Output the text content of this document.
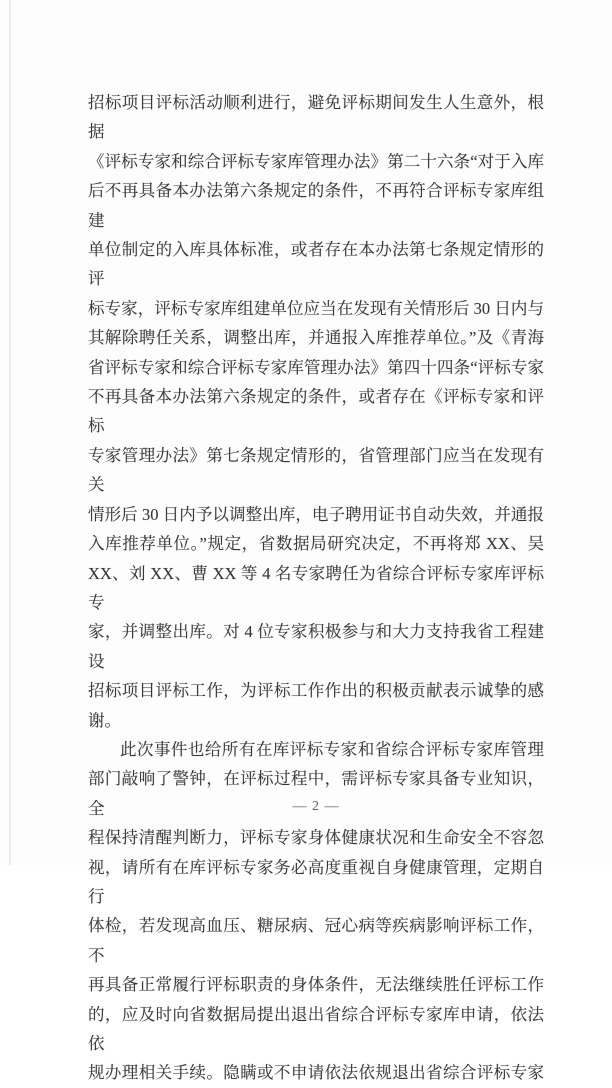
招标项目评标活动顺利进行，避免评标期间发生人生意外，根据
《评标专家和综合评标专家库管理办法》第二十六条“对于入库
后不再具备本办法第六条规定的条件，不再符合评标专家库组建
单位制定的入库具体标准，或者存在本办法第七条规定情形的评
标专家，评标专家库组建单位应当在发现有关情形后 30 日内与
其解除聘任关系，调整出库，并通报入库推荐单位。”及《青海
省评标专家和综合评标专家库管理办法》第四十四条“评标专家
不再具备本办法第六条规定的条件，或者存在《评标专家和评标
专家管理办法》第七条规定情形的，省管理部门应当在发现有关
情形后 30 日内予以调整出库，电子聘用证书自动失效，并通报
入库推荐单位。”规定，省数据局研究决定，不再将郑 XX、吴
XX、刘 XX、曹 XX 等 4 名专家聘任为省综合评标专家库评标专
家，并调整出库。对 4 位专家积极参与和大力支持我省工程建设
招标项目评标工作，为评标工作作出的积极贡献表示诚挚的感
谢。
此次事件也给所有在库评标专家和省综合评标专家库管理
部门敲响了警钟，在评标过程中，需评标专家具备专业知识，全
程保持清醒判断力，评标专家身体健康状况和生命安全不容忽
视，请所有在库评标专家务必高度重视自身健康管理，定期自行
体检，若发现高血压、糖尿病、冠心病等疾病影响评标工作，不
再具备正常履行评标职责的身体条件，无法继续胜任评标工作
的，应及时向省数据局提出退出省综合评标专家库申请，依法依
规办理相关手续。隐瞒或不申请依法依规退出省综合评标专家
— 2 —
